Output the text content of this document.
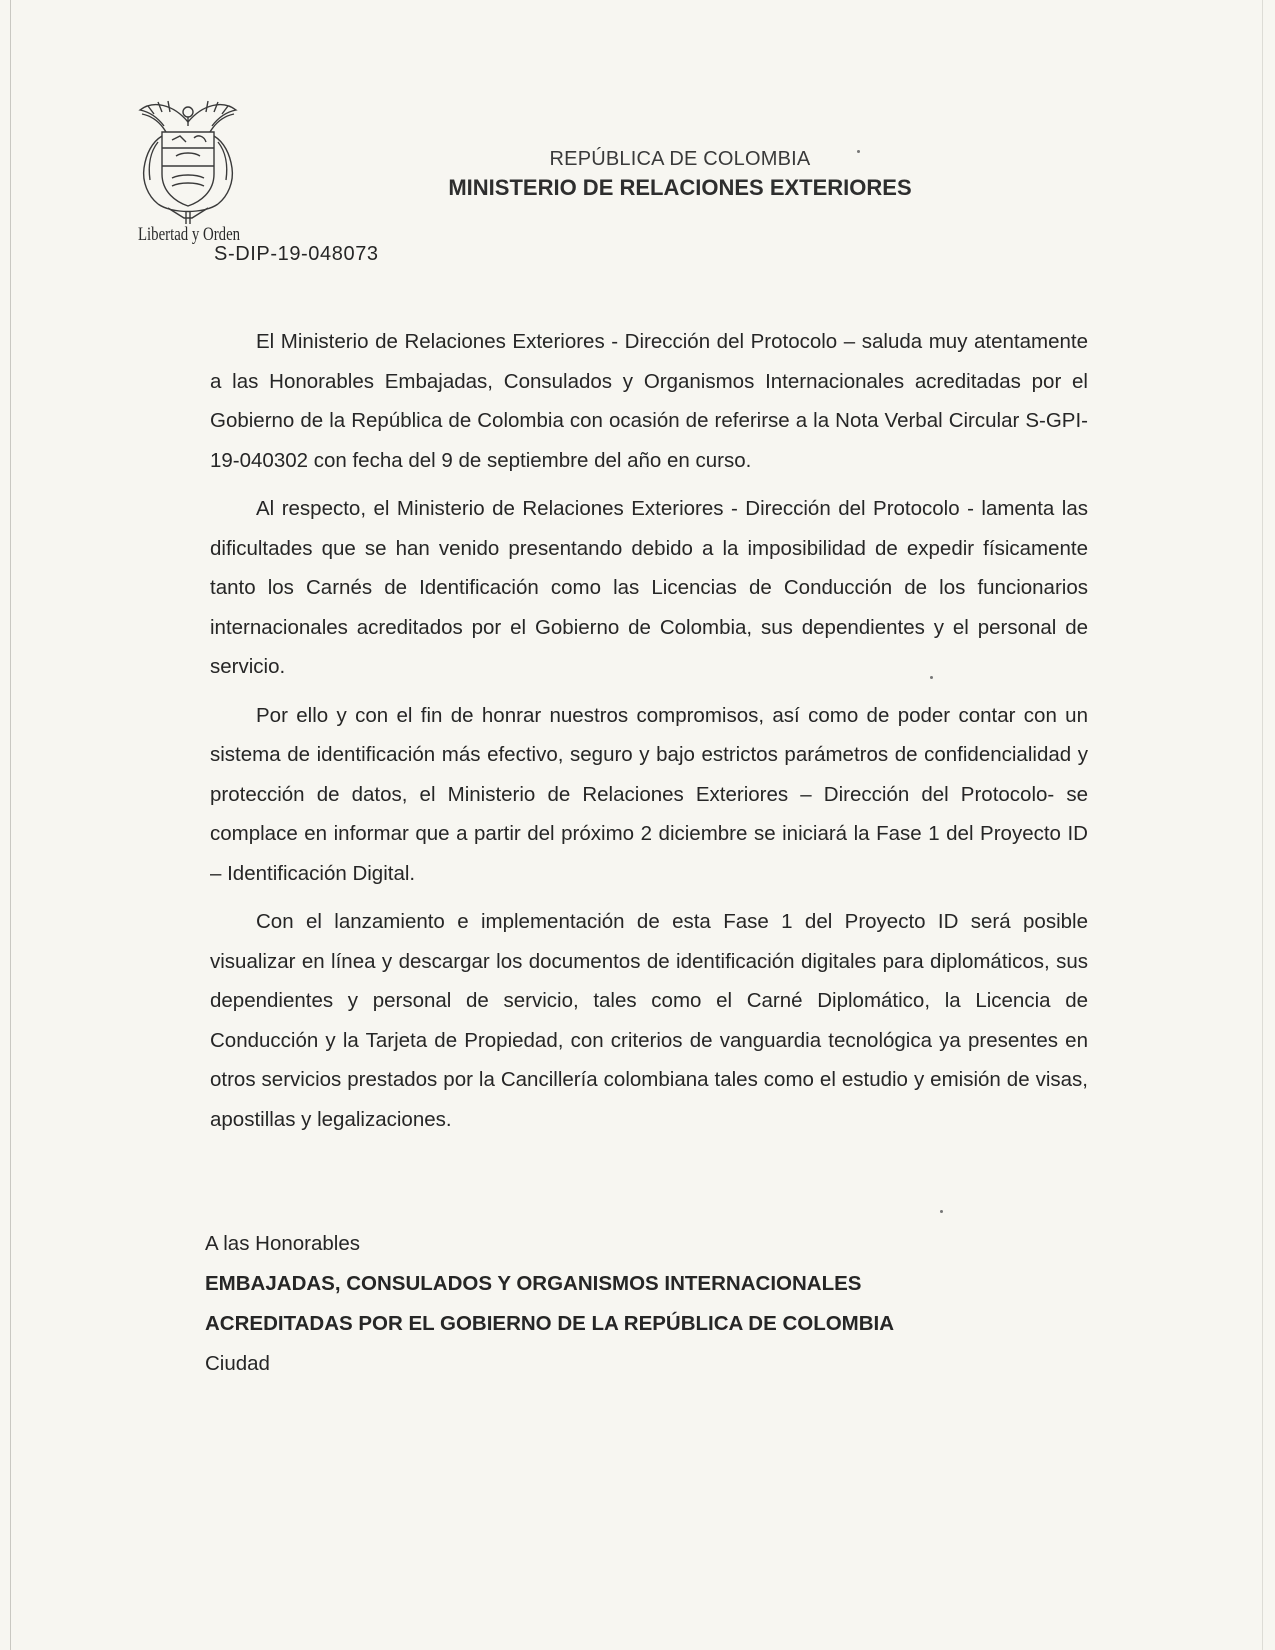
Libertad y Orden
REPÚBLICA DE COLOMBIA
MINISTERIO DE RELACIONES EXTERIORES
S-DIP-19-048073

El Ministerio de Relaciones Exteriores - Dirección del Protocolo – saluda muy atentamente a las Honorables Embajadas, Consulados y Organismos Internacionales acreditadas por el Gobierno de la República de Colombia con ocasión de referirse a la Nota Verbal Circular S-GPI-19-040302 con fecha del 9 de septiembre del año en curso.

Al respecto, el Ministerio de Relaciones Exteriores - Dirección del Protocolo - lamenta las dificultades que se han venido presentando debido a la imposibilidad de expedir físicamente tanto los Carnés de Identificación como las Licencias de Conducción de los funcionarios internacionales acreditados por el Gobierno de Colombia, sus dependientes y el personal de servicio.

Por ello y con el fin de honrar nuestros compromisos, así como de poder contar con un sistema de identificación más efectivo, seguro y bajo estrictos parámetros de confidencialidad y protección de datos, el Ministerio de Relaciones Exteriores – Dirección del Protocolo- se complace en informar que a partir del próximo 2 diciembre se iniciará la Fase 1 del Proyecto ID – Identificación Digital.

Con el lanzamiento e implementación de esta Fase 1 del Proyecto ID será posible visualizar en línea y descargar los documentos de identificación digitales para diplomáticos, sus dependientes y personal de servicio, tales como el Carné Diplomático, la Licencia de Conducción y la Tarjeta de Propiedad, con criterios de vanguardia tecnológica ya presentes en otros servicios prestados por la Cancillería colombiana tales como el estudio y emisión de visas, apostillas y legalizaciones.

A las Honorables
EMBAJADAS, CONSULADOS Y ORGANISMOS INTERNACIONALES
ACREDITADAS POR EL GOBIERNO DE LA REPÚBLICA DE COLOMBIA
Ciudad
